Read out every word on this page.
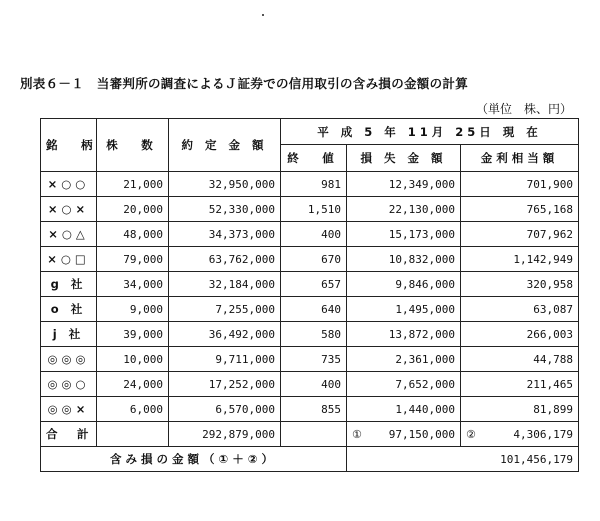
別表６－１　当審判所の調査によるＪ証券での信用取引の含み損の金額の計算
（単位　株、円）
銘　柄	株　数	約 定 金 額	平 成 5 年 11月 25日 現 在		
			終　値	損 失 金 額	金利相当額
×○○	21,000	32,950,000	981	12,349,000	701,900
×○×	20,000	52,330,000	1,510	22,130,000	765,168
×○△	48,000	34,373,000	400	15,173,000	707,962
×○□	79,000	63,762,000	670	10,832,000	1,142,949
g 社	34,000	32,184,000	657	9,846,000	320,958
o 社	9,000	7,255,000	640	1,495,000	63,087
j 社	39,000	36,492,000	580	13,872,000	266,003
◎◎◎	10,000	9,711,000	735	2,361,000	44,788
◎◎○	24,000	17,252,000	400	7,652,000	211,465
◎◎×	6,000	6,570,000	855	1,440,000	81,899
合　計		292,879,000		① 97,150,000	② 4,306,179
含み損の金額（①＋②）				101,456,179	
